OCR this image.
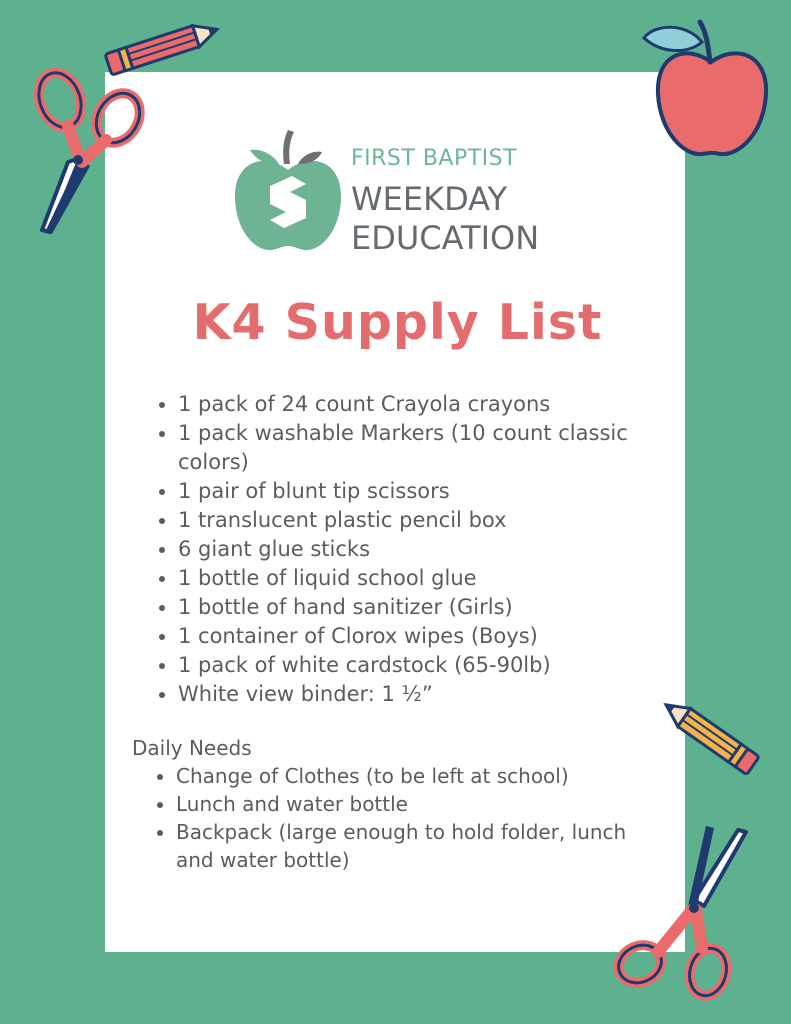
FIRST BAPTIST
WEEKDAY
EDUCATION
K4 Supply List
• 1 pack of 24 count Crayola crayons
• 1 pack washable Markers (10 count classic colors)
• 1 pair of blunt tip scissors
• 1 translucent plastic pencil box
• 6 giant glue sticks
• 1 bottle of liquid school glue
• 1 bottle of hand sanitizer (Girls)
• 1 container of Clorox wipes (Boys)
• 1 pack of white cardstock (65-90lb)
• White view binder: 1 ½”
Daily Needs
• Change of Clothes (to be left at school)
• Lunch and water bottle
• Backpack (large enough to hold folder, lunch and water bottle)
